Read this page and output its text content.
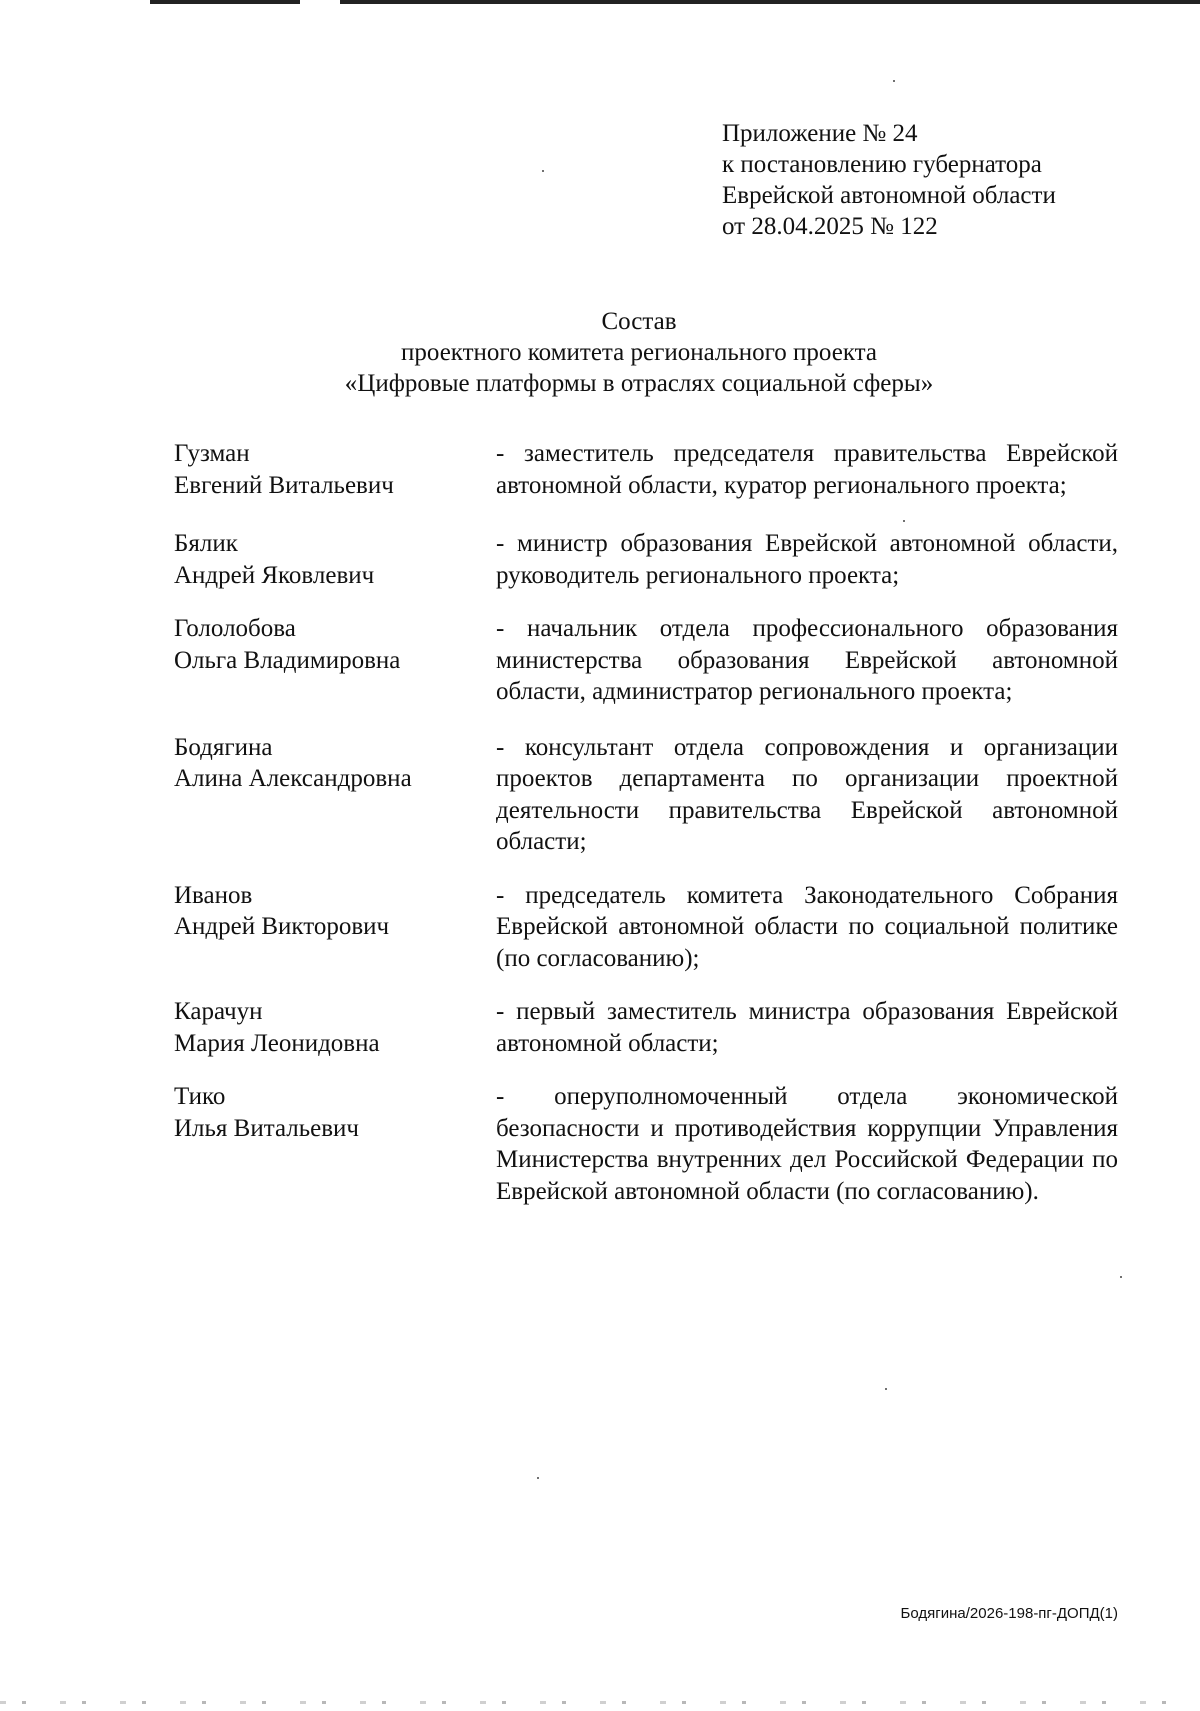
Приложение № 24
к постановлению губернатора
Еврейской автономной области
от 28.04.2025 № 122
Состав
проектного комитета регионального проекта
«Цифровые платформы в отраслях социальной сферы»
Гузман
Евгений Витальевич
- заместитель председателя правительства Еврейской автономной области, куратор регионального проекта;
Бялик
Андрей Яковлевич
- министр образования Еврейской автономной области, руководитель регионального проекта;
Гололобова
Ольга Владимировна
- начальник отдела профессионального образования министерства образования Еврейской автономной области, администратор регионального проекта;
Бодягина
Алина Александровна
- консультант отдела сопровождения и организации проектов департамента по организации проектной деятельности правительства Еврейской автономной области;
Иванов
Андрей Викторович
- председатель комитета Законодательного Собрания Еврейской автономной области по социальной политике (по согласованию);
Карачун
Мария Леонидовна
- первый заместитель министра образования Еврейской автономной области;
Тико
Илья Витальевич
- оперуполномоченный отдела экономической безопасности и противодействия коррупции Управления Министерства внутренних дел Российской Федерации по Еврейской автономной области (по согласованию).
Бодягина/2026-198-пг-ДОПД(1)
